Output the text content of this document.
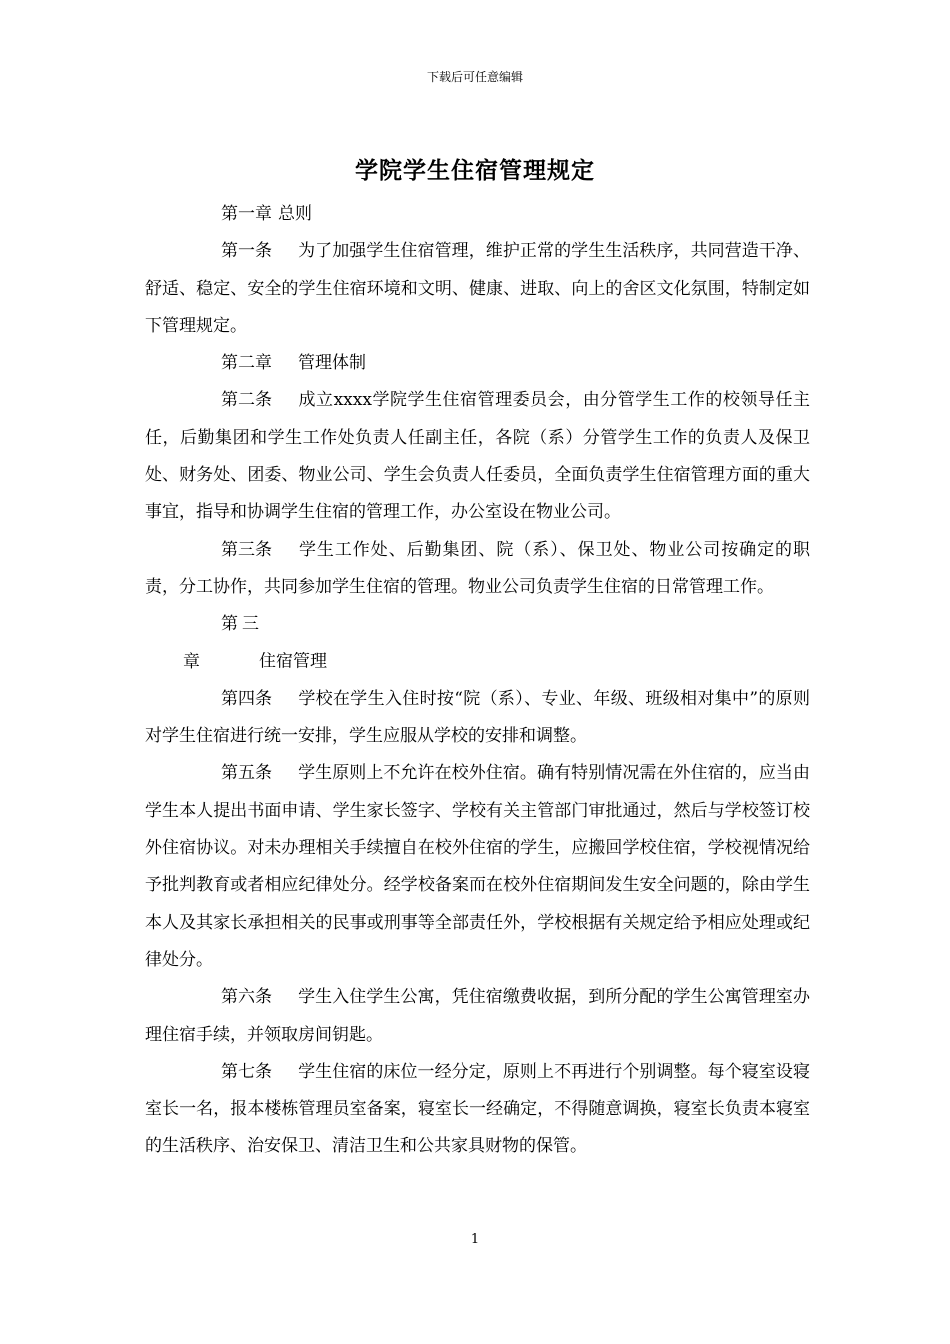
下载后可任意编辑
学院学生住宿管理规定

第一章 总则

第一条 为了加强学生住宿管理，维护正常的学生生活秩序，共同营造干净、舒适、稳定、安全的学生住宿环境和文明、健康、进取、向上的舍区文化氛围，特制定如下管理规定。

第二章 管理体制

第二条 成立xxxx学院学生住宿管理委员会，由分管学生工作的校领导任主任，后勤集团和学生工作处负责人任副主任，各院（系）分管学生工作的负责人及保卫处、财务处、团委、物业公司、学生会负责人任委员，全面负责学生住宿管理方面的重大事宜，指导和协调学生住宿的管理工作，办公室设在物业公司。

第三条 学生工作处、后勤集团、院（系）、保卫处、物业公司按确定的职责，分工协作，共同参加学生住宿的管理。物业公司负责学生住宿的日常管理工作。

第三章	住宿管理

第四条 学校在学生入住时按“院（系）、专业、年级、班级相对集中”的原则对学生住宿进行统一安排，学生应服从学校的安排和调整。

第五条 学生原则上不允许在校外住宿。确有特别情况需在外住宿的，应当由学生本人提出书面申请、学生家长签字、学校有关主管部门审批通过，然后与学校签订校外住宿协议。对未办理相关手续擅自在校外住宿的学生，应搬回学校住宿，学校视情况给予批判教育或者相应纪律处分。经学校备案而在校外住宿期间发生安全问题的，除由学生本人及其家长承担相关的民事或刑事等全部责任外，学校根据有关规定给予相应处理或纪律处分。

第六条 学生入住学生公寓，凭住宿缴费收据，到所分配的学生公寓管理室办理住宿手续，并领取房间钥匙。

第七条 学生住宿的床位一经分定，原则上不再进行个别调整。每个寝室设寝室长一名，报本楼栋管理员室备案，寝室长一经确定，不得随意调换，寝室长负责本寝室的生活秩序、治安保卫、清洁卫生和公共家具财物的保管。

1
